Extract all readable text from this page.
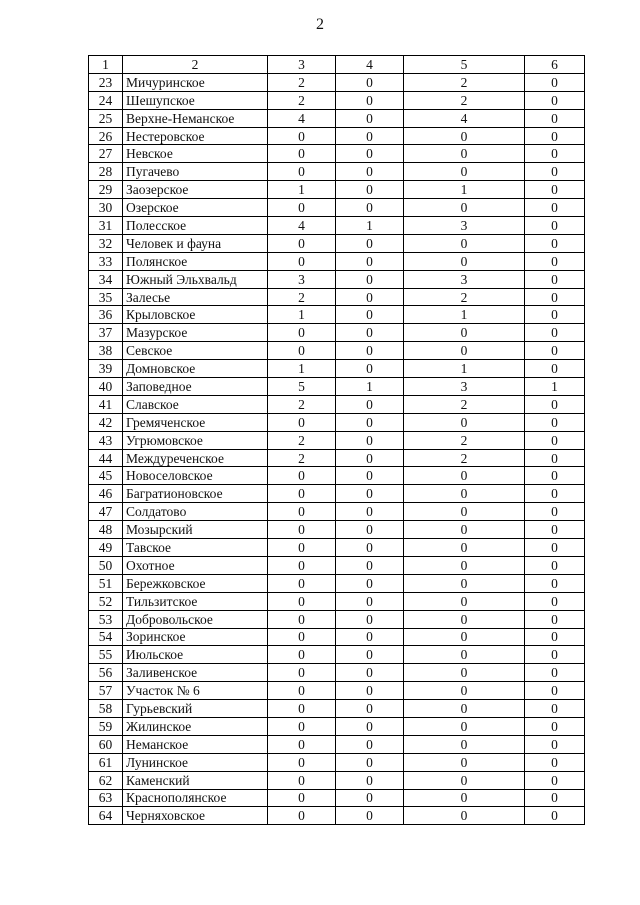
2
1	2	3	4	5	6
23	Мичуринское	2	0	2	0
24	Шешупское	2	0	2	0
25	Верхне-Неманское	4	0	4	0
26	Нестеровское	0	0	0	0
27	Невское	0	0	0	0
28	Пугачево	0	0	0	0
29	Заозерское	1	0	1	0
30	Озерское	0	0	0	0
31	Полесское	4	1	3	0
32	Человек и фауна	0	0	0	0
33	Полянское	0	0	0	0
34	Южный Эльхвальд	3	0	3	0
35	Залесье	2	0	2	0
36	Крыловское	1	0	1	0
37	Мазурское	0	0	0	0
38	Севское	0	0	0	0
39	Домновское	1	0	1	0
40	Заповедное	5	1	3	1
41	Славское	2	0	2	0
42	Гремяченское	0	0	0	0
43	Угрюмовское	2	0	2	0
44	Междуреченское	2	0	2	0
45	Новоселовское	0	0	0	0
46	Багратионовское	0	0	0	0
47	Солдатово	0	0	0	0
48	Мозырский	0	0	0	0
49	Тавское	0	0	0	0
50	Охотное	0	0	0	0
51	Бережковское	0	0	0	0
52	Тильзитское	0	0	0	0
53	Добровольское	0	0	0	0
54	Зоринское	0	0	0	0
55	Июльское	0	0	0	0
56	Заливенское	0	0	0	0
57	Участок № 6	0	0	0	0
58	Гурьевский	0	0	0	0
59	Жилинское	0	0	0	0
60	Неманское	0	0	0	0
61	Лунинское	0	0	0	0
62	Каменский	0	0	0	0
63	Краснополянское	0	0	0	0
64	Черняховское	0	0	0	0
